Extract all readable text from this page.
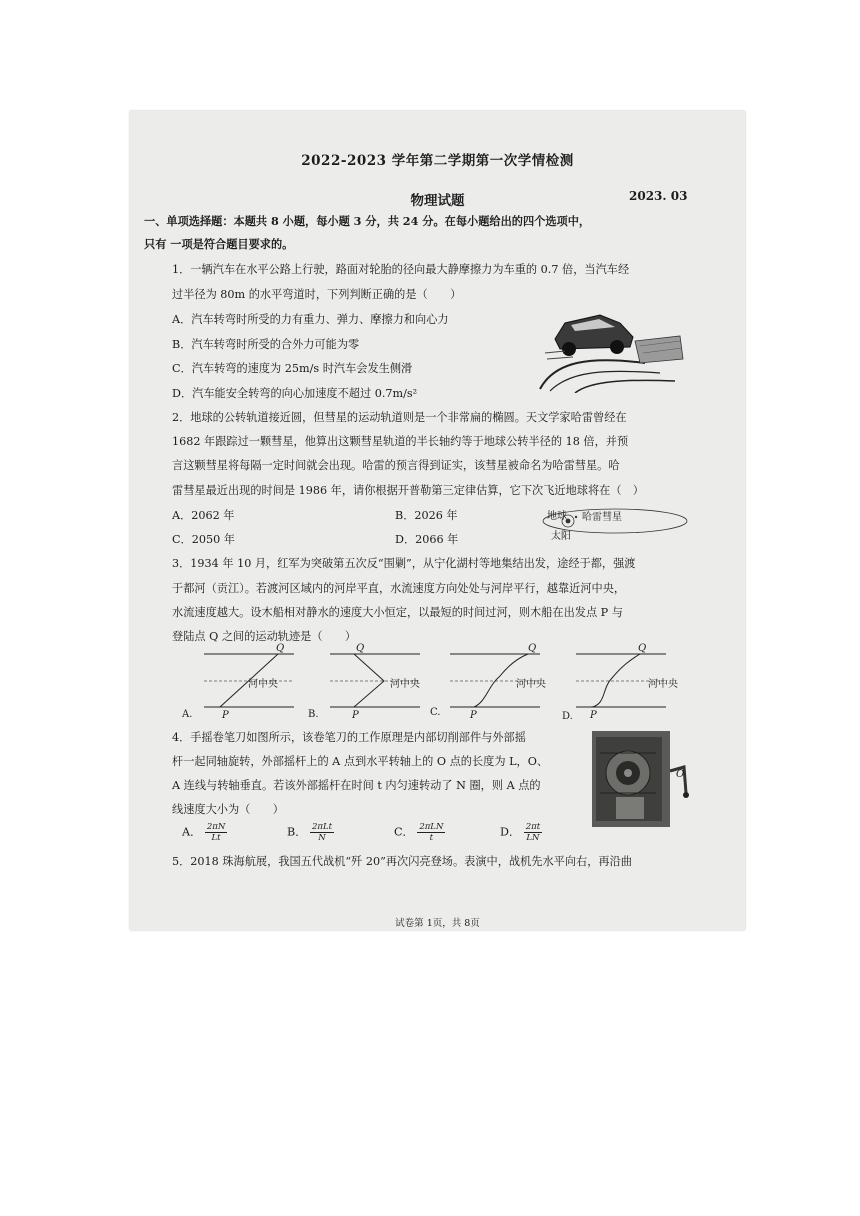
2022-2023 学年第二学期第一次学情检测
物理试题	2023. 03
一、单项选择题：本题共 8 小题，每小题 3 分，共 24 分。在每小题给出的四个选项中，
只有 一项是符合题目要求的。
1．一辆汽车在水平公路上行驶，路面对轮胎的径向最大静摩擦力为车重的 0.7 倍，当汽车经
过半径为 80m 的水平弯道时，下列判断正确的是（　　）
A．汽车转弯时所受的力有重力、弹力、摩擦力和向心力
B．汽车转弯时所受的合外力可能为零
C．汽车转弯的速度为 25m/s 时汽车会发生侧滑
D．汽车能安全转弯的向心加速度不超过 0.7m/s²
2．地球的公转轨道接近圆，但彗星的运动轨道则是一个非常扁的椭圆。天文学家哈雷曾经在
1682 年跟踪过一颗彗星，他算出这颗彗星轨道的半长轴约等于地球公转半径的 18 倍，并预
言这颗彗星将每隔一定时间就会出现。哈雷的预言得到证实，该彗星被命名为哈雷彗星。哈
雷彗星最近出现的时间是 1986 年，请你根据开普勒第三定律估算，它下次飞近地球将在（　）
A．2062 年	B．2026 年
C．2050 年	D．2066 年
地球 哈雷彗星
太阳
3．1934 年 10 月，红军为突破第五次反“围剿”，从宁化湖村等地集结出发，途经于都，强渡
于都河（贡江）。若渡河区域内的河岸平直，水流速度方向处处与河岸平行，越靠近河中央，
水流速度越大。设木船相对静水的速度大小恒定，以最短的时间过河，则木船在出发点 P 与
登陆点 Q 之间的运动轨迹是（　　）
Q
P
河中央
A.
Q
P
河中央
B.
Q
P
河中央
C.
Q
P
河中央
D.
4．手摇卷笔刀如图所示，该卷笔刀的工作原理是内部切削部件与外部摇
杆一起同轴旋转，外部摇杆上的 A 点到水平转轴上的 O 点的长度为 L，O、
A 连线与转轴垂直。若该外部摇杆在时间 t 内匀速转动了 N 圈，则 A 点的
线速度大小为（　　）
A． $\frac{2\pi N}{Lt}$	B． $\frac{\text{2πLt}}{N}$	C． $\frac{\text{2πLN}}{t}$	D． $\frac{2\pi t}{LN}$
O
5．2018 珠海航展，我国五代战机“歼 20”再次闪亮登场。表演中，战机先水平向右，再沿曲
试卷第 1页，共 8页
